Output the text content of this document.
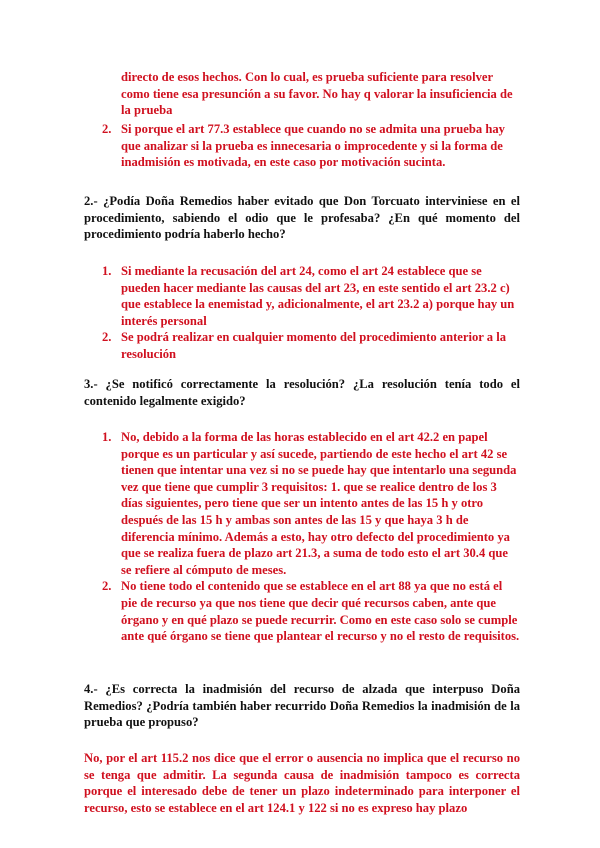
directo de esos hechos. Con lo cual, es prueba suficiente para resolver como tiene esa presunción a su favor. No hay q valorar la insuficiencia de la prueba

2. Si porque el art 77.3 establece que cuando no se admita una prueba hay que analizar si la prueba es innecesaria o improcedente y si la forma de inadmisión es motivada, en este caso por motivación sucinta.

2.- ¿Podía Doña Remedios haber evitado que Don Torcuato interviniese en el procedimiento, sabiendo el odio que le profesaba? ¿En qué momento del procedimiento podría haberlo hecho?

1. Si mediante la recusación del art 24, como el art 24 establece que se pueden hacer mediante las causas del art 23, en este sentido el art 23.2 c) que establece la enemistad y, adicionalmente, el art 23.2 a) porque hay un interés personal
2. Se podrá realizar en cualquier momento del procedimiento anterior a la resolución

3.- ¿Se notificó correctamente la resolución? ¿La resolución tenía todo el contenido legalmente exigido?

1. No, debido a la forma de las horas establecido en el art 42.2 en papel porque es un particular y así sucede, partiendo de este hecho el art 42 se tienen que intentar una vez si no se puede hay que intentarlo una segunda vez que tiene que cumplir 3 requisitos: 1. que se realice dentro de los 3 días siguientes, pero tiene que ser un intento antes de las 15 h y otro después de las 15 h y ambas son antes de las 15 y que haya 3 h de diferencia mínimo. Además a esto, hay otro defecto del procedimiento ya que se realiza fuera de plazo art 21.3, a suma de todo esto el art 30.4 que se refiere al cómputo de meses.
2. No tiene todo el contenido que se establece en el art 88 ya que no está el pie de recurso ya que nos tiene que decir qué recursos caben, ante que órgano y en qué plazo se puede recurrir. Como en este caso solo se cumple ante qué órgano se tiene que plantear el recurso y no el resto de requisitos.

4.- ¿Es correcta la inadmisión del recurso de alzada que interpuso Doña Remedios? ¿Podría también haber recurrido Doña Remedios la inadmisión de la prueba que propuso?

No, por el art 115.2 nos dice que el error o ausencia no implica que el recurso no se tenga que admitir. La segunda causa de inadmisión tampoco es correcta porque el interesado debe de tener un plazo indeterminado para interponer el recurso, esto se establece en el art 124.1 y 122 si no es expreso hay plazo
